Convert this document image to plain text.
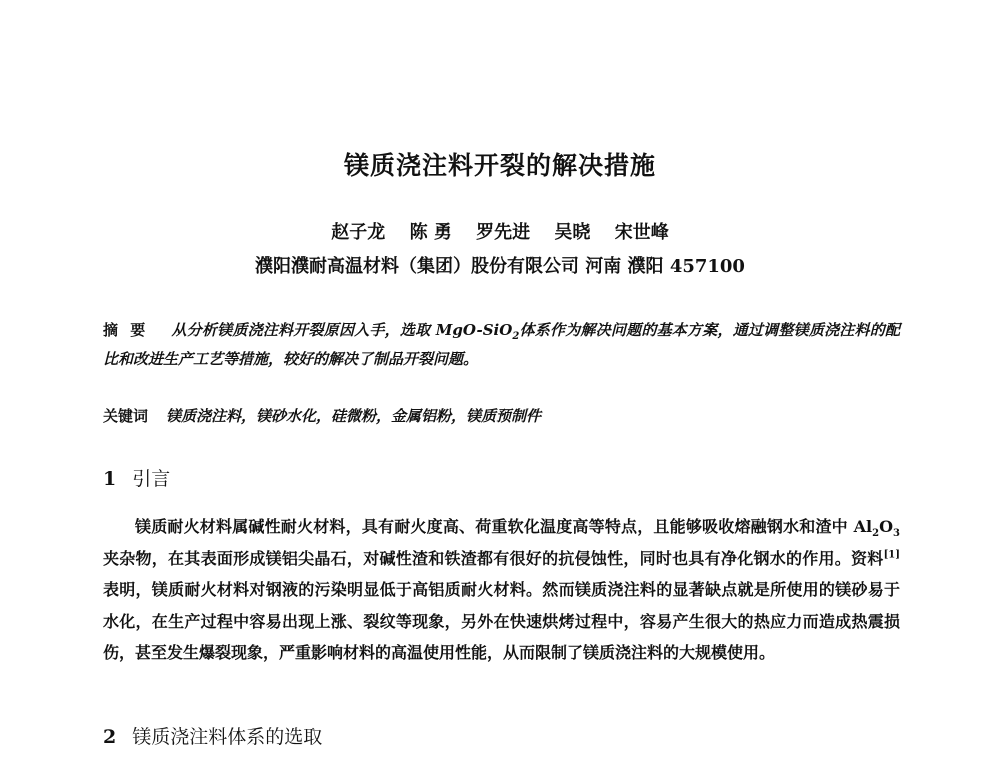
镁质浇注料开裂的解决措施
赵子龙 陈 勇 罗先进 吴晓 宋世峰
濮阳濮耐高温材料（集团）股份有限公司 河南 濮阳 457100
摘要 从分析镁质浇注料开裂原因入手，选取 MgO-SiO$_2$体系作为解决问题的基本方案，通过调整镁质浇注料的配比和改进生产工艺等措施，较好的解决了制品开裂问题。
关键词 镁质浇注料，镁砂水化，硅微粉，金属铝粉，镁质预制件
1 引言
镁质耐火材料属碱性耐火材料，具有耐火度高、荷重软化温度高等特点，且能够吸收熔融钢水和渣中 $Al_2O_3$夹杂物，在其表面形成镁铝尖晶石，对碱性渣和铁渣都有很好的抗侵蚀性，同时也具有净化钢水的作用。资料[1]表明，镁质耐火材料对钢液的污染明显低于高铝质耐火材料。然而镁质浇注料的显著缺点就是所使用的镁砂易于水化，在生产过程中容易出现上涨、裂纹等现象，另外在快速烘烤过程中，容易产生很大的热应力而造成热震损伤，甚至发生爆裂现象，严重影响材料的高温使用性能，从而限制了镁质浇注料的大规模使用。
2 镁质浇注料体系的选取
